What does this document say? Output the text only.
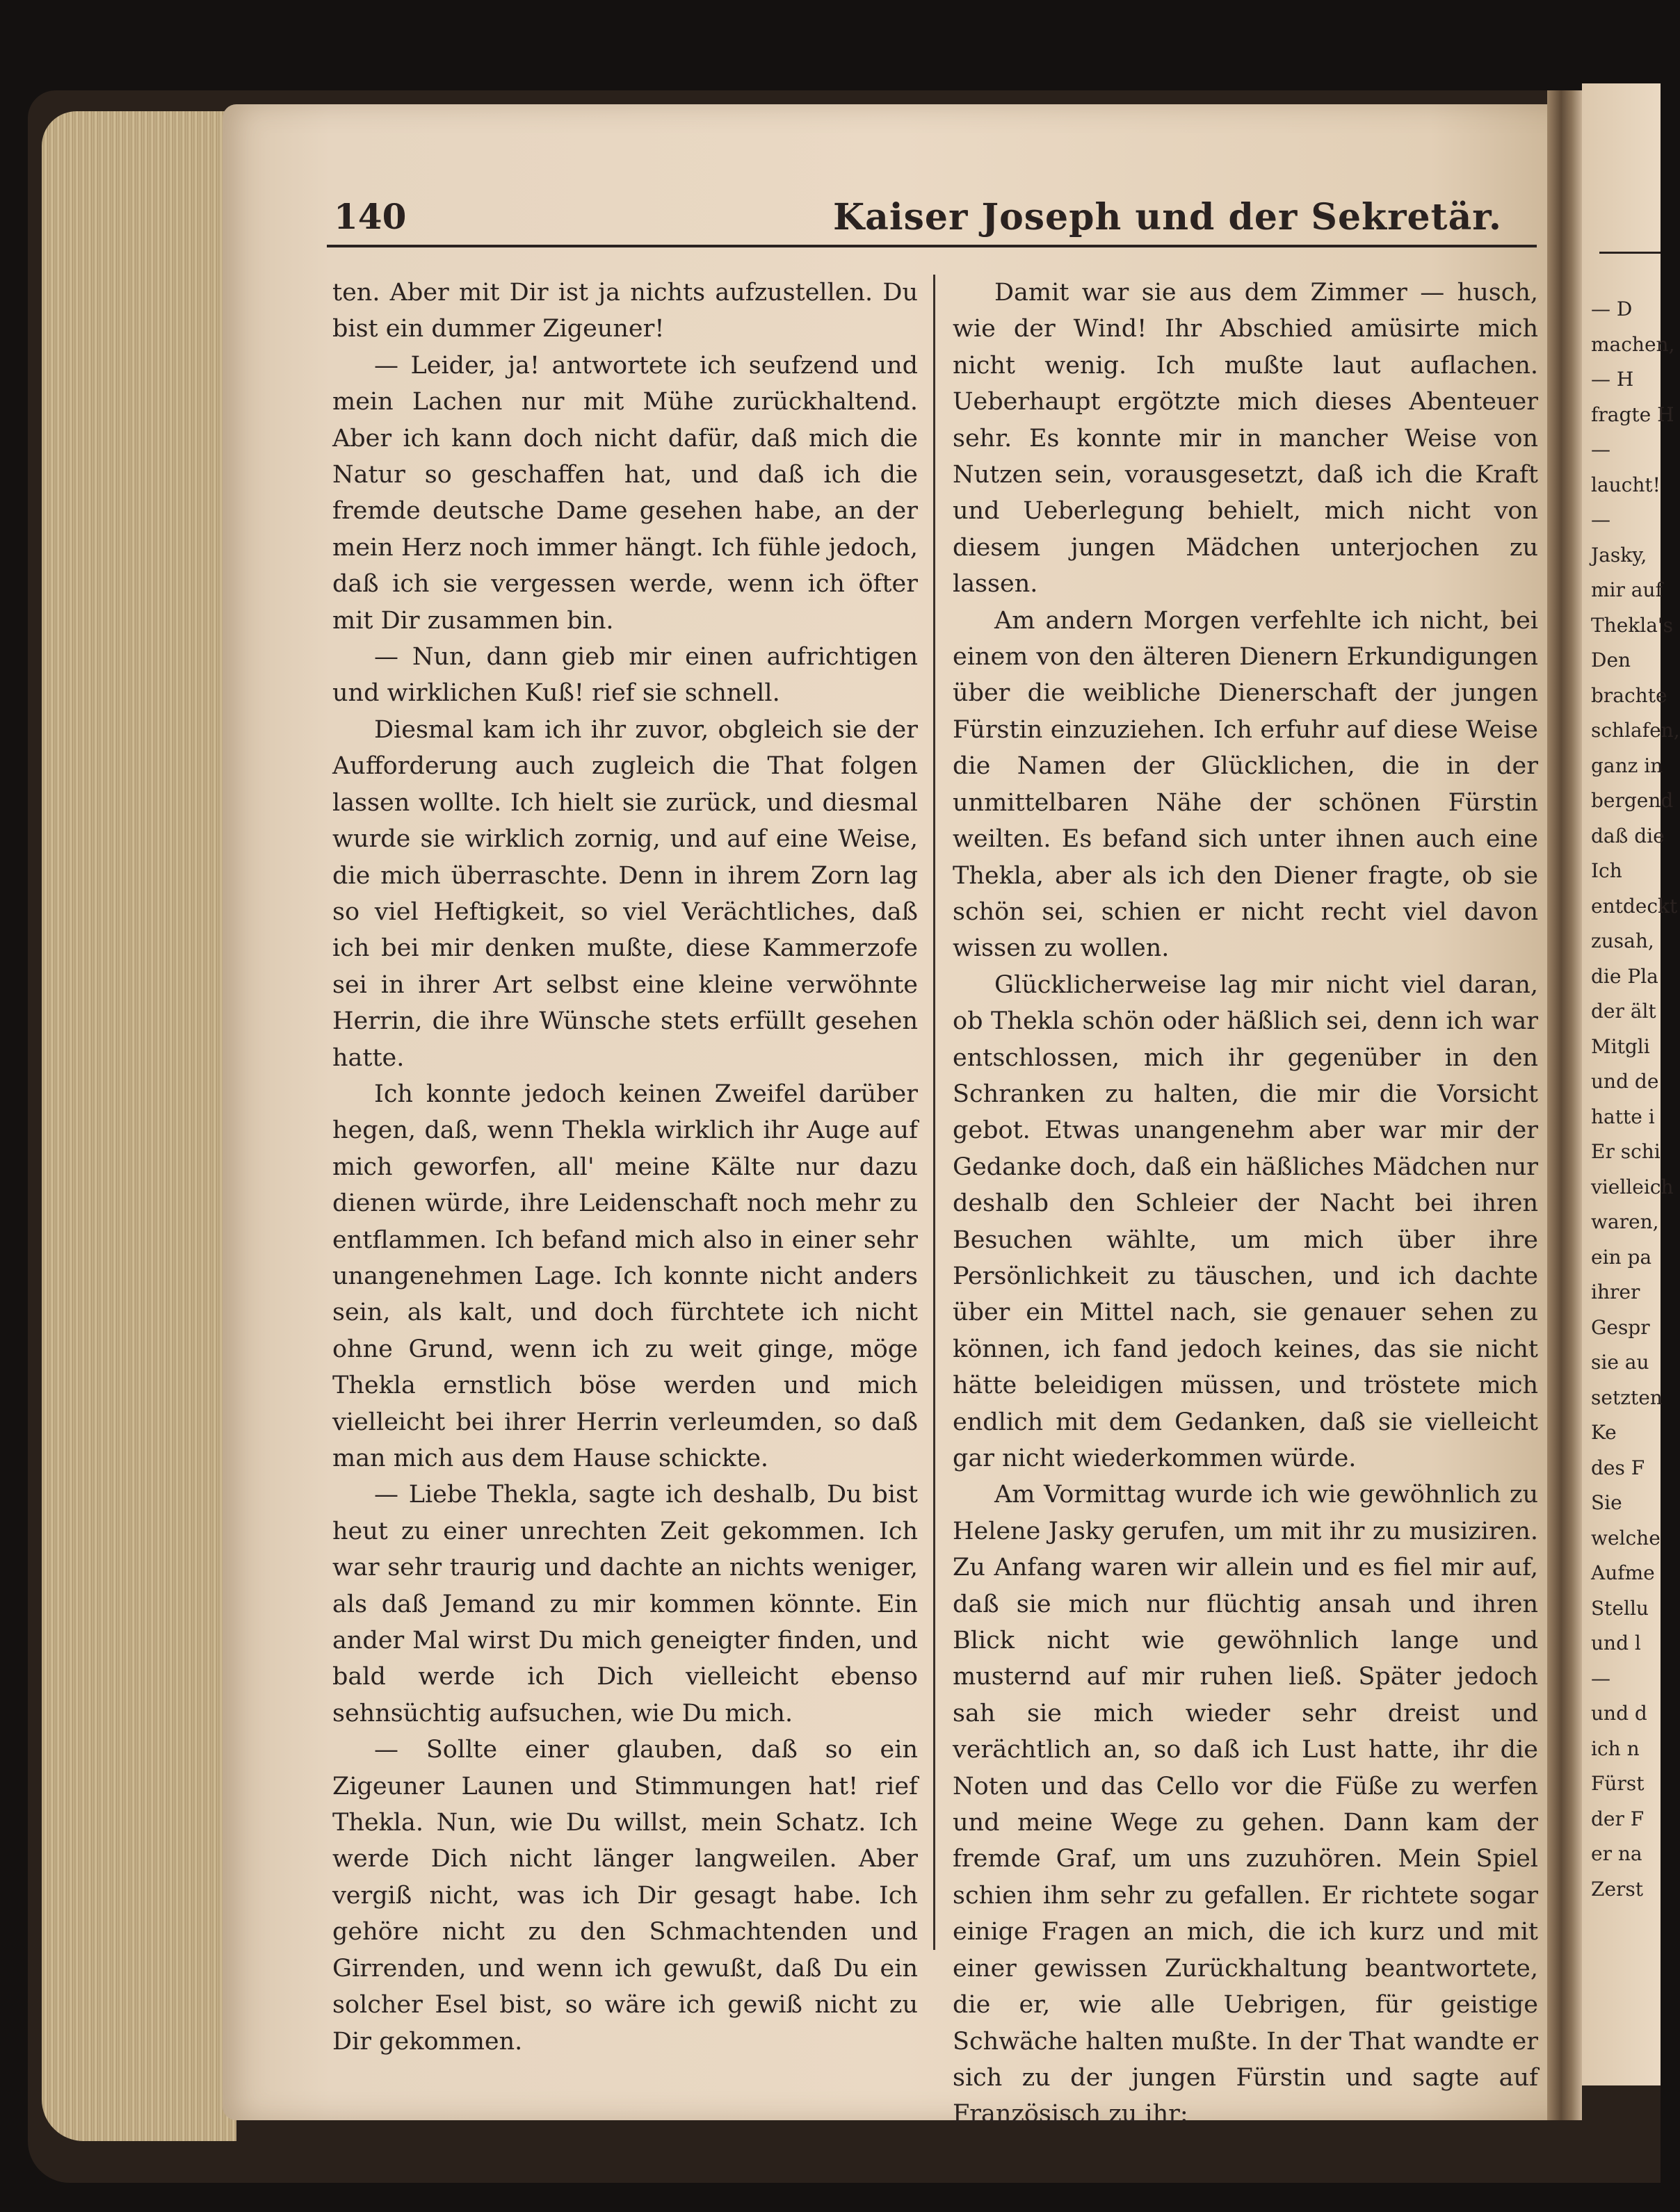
140	Kaiser Joseph und der Sekretär.

ten. Aber mit Dir ist ja nichts aufzustellen. Du bist ein dummer Zigeuner!

— Leider, ja! antwortete ich seufzend und mein Lachen nur mit Mühe zurückhaltend. Aber ich kann doch nicht dafür, daß mich die Natur so geschaffen hat, und daß ich die fremde deutsche Dame gesehen habe, an der mein Herz noch immer hängt. Ich fühle jedoch, daß ich sie vergessen werde, wenn ich öfter mit Dir zusammen bin.

— Nun, dann gieb mir einen aufrichtigen und wirklichen Kuß! rief sie schnell.

Diesmal kam ich ihr zuvor, obgleich sie der Aufforderung auch zugleich die That folgen lassen wollte. Ich hielt sie zurück, und diesmal wurde sie wirklich zornig, und auf eine Weise, die mich überraschte. Denn in ihrem Zorn lag so viel Heftigkeit, so viel Verächtliches, daß ich bei mir denken mußte, diese Kammerzofe sei in ihrer Art selbst eine kleine verwöhnte Herrin, die ihre Wünsche stets erfüllt gesehen hatte.

Ich konnte jedoch keinen Zweifel darüber hegen, daß, wenn Thekla wirklich ihr Auge auf mich geworfen, all' meine Kälte nur dazu dienen würde, ihre Leidenschaft noch mehr zu entflammen. Ich befand mich also in einer sehr unangenehmen Lage. Ich konnte nicht anders sein, als kalt, und doch fürchtete ich nicht ohne Grund, wenn ich zu weit ginge, möge Thekla ernstlich böse werden und mich vielleicht bei ihrer Herrin verleumden, so daß man mich aus dem Hause schickte.

— Liebe Thekla, sagte ich deshalb, Du bist heut zu einer unrechten Zeit gekommen. Ich war sehr traurig und dachte an nichts weniger, als daß Jemand zu mir kommen könnte. Ein ander Mal wirst Du mich geneigter finden, und bald werde ich Dich vielleicht ebenso sehnsüchtig aufsuchen, wie Du mich.

— Sollte einer glauben, daß so ein Zigeuner Launen und Stimmungen hat! rief Thekla. Nun, wie Du willst, mein Schatz. Ich werde Dich nicht länger langweilen. Aber vergiß nicht, was ich Dir gesagt habe. Ich gehöre nicht zu den Schmachtenden und Girrenden, und wenn ich gewußt, daß Du ein solcher Esel bist, so wäre ich gewiß nicht zu Dir gekommen.

Damit war sie aus dem Zimmer — husch, wie der Wind! Ihr Abschied amüsirte mich nicht wenig. Ich mußte laut auflachen. Ueberhaupt ergötzte mich dieses Abenteuer sehr. Es konnte mir in mancher Weise von Nutzen sein, vorausgesetzt, daß ich die Kraft und Ueberlegung behielt, mich nicht von diesem jungen Mädchen unterjochen zu lassen.

Am andern Morgen verfehlte ich nicht, bei einem von den älteren Dienern Erkundigungen über die weibliche Dienerschaft der jungen Fürstin einzuziehen. Ich erfuhr auf diese Weise die Namen der Glücklichen, die in der unmittelbaren Nähe der schönen Fürstin weilten. Es befand sich unter ihnen auch eine Thekla, aber als ich den Diener fragte, ob sie schön sei, schien er nicht recht viel davon wissen zu wollen.

Glücklicherweise lag mir nicht viel daran, ob Thekla schön oder häßlich sei, denn ich war entschlossen, mich ihr gegenüber in den Schranken zu halten, die mir die Vorsicht gebot. Etwas unangenehm aber war mir der Gedanke doch, daß ein häßliches Mädchen nur deshalb den Schleier der Nacht bei ihren Besuchen wählte, um mich über ihre Persönlichkeit zu täuschen, und ich dachte über ein Mittel nach, sie genauer sehen zu können, ich fand jedoch keines, das sie nicht hätte beleidigen müssen, und tröstete mich endlich mit dem Gedanken, daß sie vielleicht gar nicht wiederkommen würde.

Am Vormittag wurde ich wie gewöhnlich zu Helene Jasky gerufen, um mit ihr zu musiziren. Zu Anfang waren wir allein und es fiel mir auf, daß sie mich nur flüchtig ansah und ihren Blick nicht wie gewöhnlich lange und musternd auf mir ruhen ließ. Später jedoch sah sie mich wieder sehr dreist und verächtlich an, so daß ich Lust hatte, ihr die Noten und das Cello vor die Füße zu werfen und meine Wege zu gehen. Dann kam der fremde Graf, um uns zuzuhören. Mein Spiel schien ihm sehr zu gefallen. Er richtete sogar einige Fragen an mich, die ich kurz und mit einer gewissen Zurückhaltung beantwortete, die er, wie alle Uebrigen, für geistige Schwäche halten mußte. In der That wandte er sich zu der jungen Fürstin und sagte auf Französisch zu ihr:

— D
machen,
— H
fragte H
—
laucht!
—
Jasky,
mir auf
Thekla's
Den
brachte
schlafen,
ganz in
bergend
daß die
Ich
entdeckt
zusah,
die Pla
der ält
Mitgli
und de
hatte i
Er schi
vielleich
waren,
ein pa
ihrer
Gespr
sie au
setzten
Ke
des F
Sie
welche
Aufme
Stellu
und l
—
und d
ich n
Fürst
der F
er na
Zerst
